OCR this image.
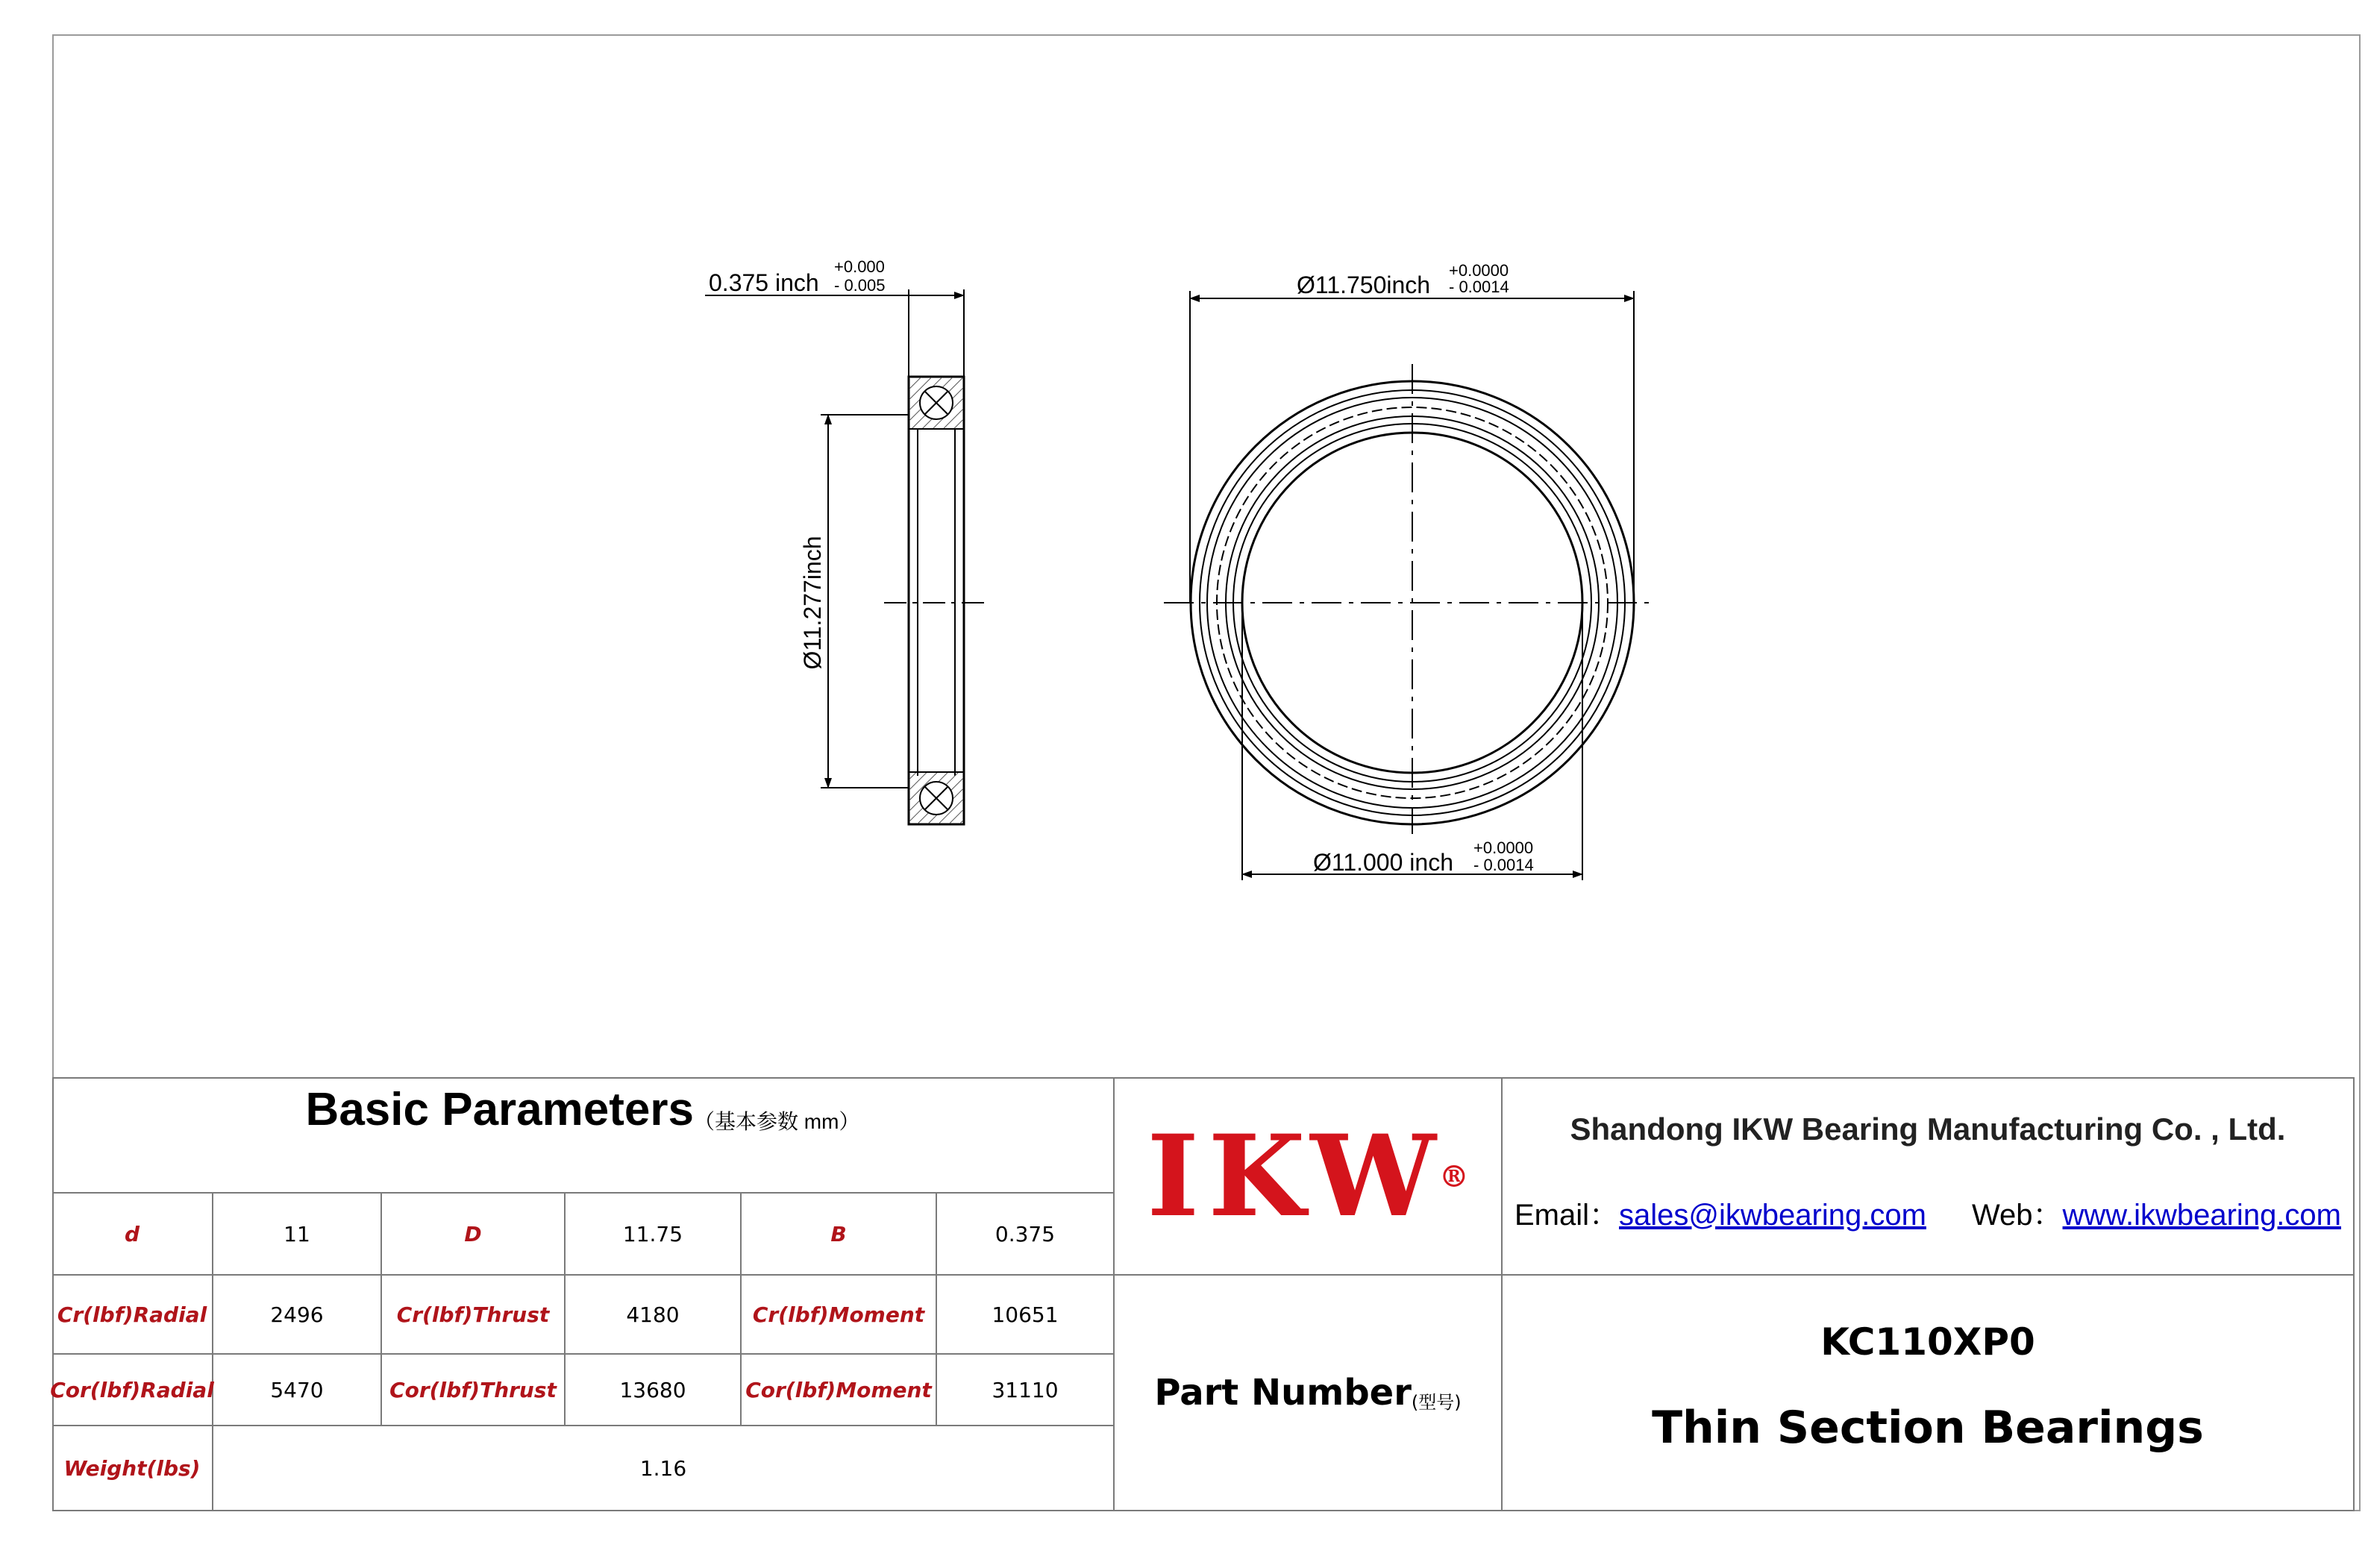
0.375 inch
+0.000
- 0.005
Ø11.277inch
Ø11.750inch
+0.0000
- 0.0014
Ø11.000 inch
+0.0000
- 0.0014
Basic Parameters （基本参数 mm）
d	11	D	11.75	B	0.375
Cr(lbf)Radial	2496	Cr(lbf)Thrust	4180	Cr(lbf)Moment	10651
Cor(lbf)Radial	5470	Cor(lbf)Thrust	13680	Cor(lbf)Moment	31110
Weight(lbs)	1.16
IKW
®
Shandong IKW Bearing Manufacturing Co. , Ltd.
Email：sales@ikwbearing.com Web：www.ikwbearing.com
Part Number (型号)
KC110XP0
Thin Section Bearings
